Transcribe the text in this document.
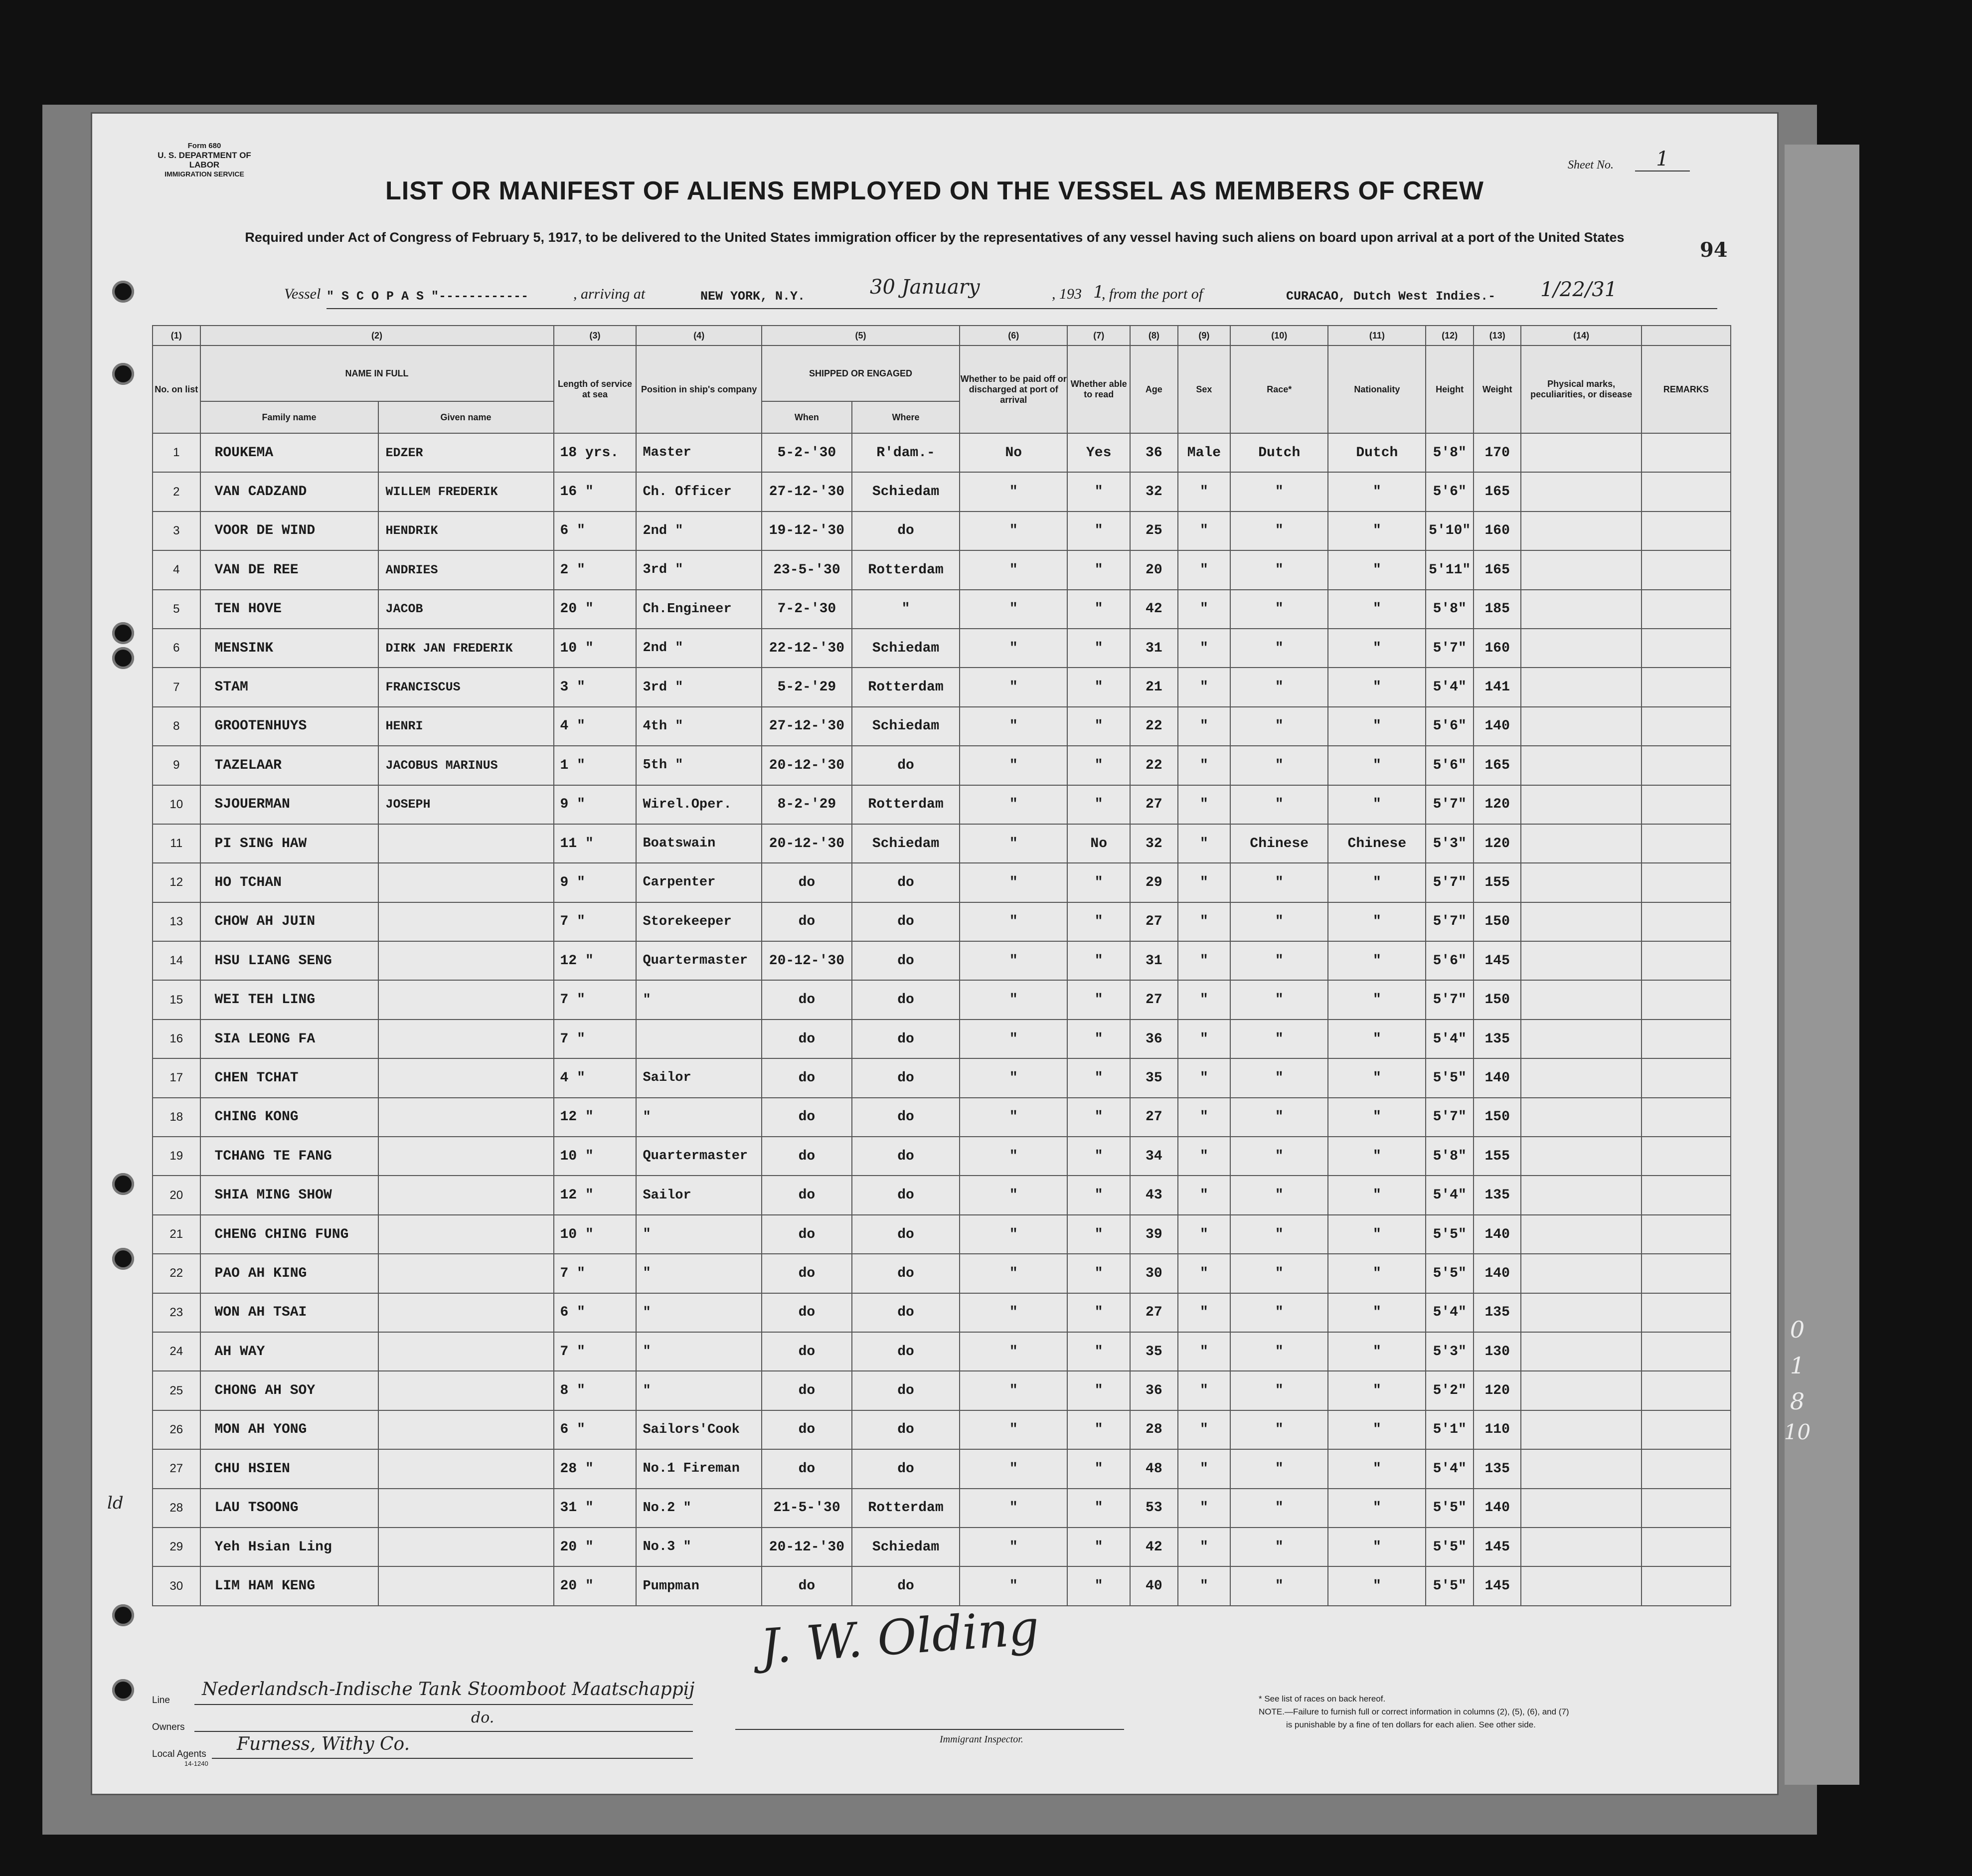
Form 680
U. S. DEPARTMENT OF LABOR
IMMIGRATION SERVICE
Sheet No.	1
LIST OR MANIFEST OF ALIENS EMPLOYED ON THE VESSEL AS MEMBERS OF CREW
Required under Act of Congress of February 5, 1917, to be delivered to the United States immigration officer by the representatives of any vessel having such aliens on board upon arrival at a port of the United States
94
Vessel " S C O P A S "------------	, arriving at	NEW YORK, N.Y.	30 January	, 193 1
, from the port of	CURACAO, Dutch West Indies.- 1/22/31
(1)	(2)		(3)	(4)	(5)		(6)	(7)	(8)	(9)	(10)	(11)	(12)	(13)	(14)	
No. on list	NAME IN FULL		Length of service at sea	Position in ship's company	SHIPPED OR ENGAGED		Whether to be paid off or discharged at port of arrival	Whether able to read	Age	Sex	Race*	Nationality	Height	Weight	Physical marks, peculiarities, or disease	REMARKS
	Family name	Given name			When	Where										
1	ROUKEMA	EDZER	18 yrs.	Master	5-2-'30	R'dam.-	No	Yes	36	Male	Dutch	Dutch	5'8"	170		
2	VAN CADZAND	WILLEM FREDERIK	16 "	Ch. Officer	27-12-'30	Schiedam	"	"	32	"	"	"	5'6"	165		
3	VOOR DE WIND	HENDRIK	6 "	2nd "	19-12-'30	do	"	"	25	"	"	"	5'10"	160		
4	VAN DE REE	ANDRIES	2 "	3rd "	23-5-'30	Rotterdam	"	"	20	"	"	"	5'11"	165		
5	TEN HOVE	JACOB	20 "	Ch.Engineer	7-2-'30	"	"	"	42	"	"	"	5'8"	185		
6	MENSINK	DIRK JAN FREDERIK	10 "	2nd "	22-12-'30	Schiedam	"	"	31	"	"	"	5'7"	160		
7	STAM	FRANCISCUS	3 "	3rd "	5-2-'29	Rotterdam	"	"	21	"	"	"	5'4"	141		
8	GROOTENHUYS	HENRI	4 "	4th "	27-12-'30	Schiedam	"	"	22	"	"	"	5'6"	140		
9	TAZELAAR	JACOBUS MARINUS	1 "	5th "	20-12-'30	do	"	"	22	"	"	"	5'6"	165		
10	SJOUERMAN	JOSEPH	9 "	Wirel.Oper.	8-2-'29	Rotterdam	"	"	27	"	"	"	5'7"	120		
11	PI SING HAW		11 "	Boatswain	20-12-'30	Schiedam	"	No	32	"	Chinese	Chinese	5'3"	120		
12	HO TCHAN		9 "	Carpenter	do	do	"	"	29	"	"	"	5'7"	155		
13	CHOW AH JUIN		7 "	Storekeeper	do	do	"	"	27	"	"	"	5'7"	150		
14	HSU LIANG SENG		12 "	Quartermaster	20-12-'30	do	"	"	31	"	"	"	5'6"	145		
15	WEI TEH LING		7 "	"	do	do	"	"	27	"	"	"	5'7"	150		
16	SIA LEONG FA		7 "		do	do	"	"	36	"	"	"	5'4"	135		
17	CHEN TCHAT		4 "	Sailor	do	do	"	"	35	"	"	"	5'5"	140		
18	CHING KONG		12 "	"	do	do	"	"	27	"	"	"	5'7"	150		
19	TCHANG TE FANG		10 "	Quartermaster	do	do	"	"	34	"	"	"	5'8"	155		
20	SHIA MING SHOW		12 "	Sailor	do	do	"	"	43	"	"	"	5'4"	135		
21	CHENG CHING FUNG		10 "	"	do	do	"	"	39	"	"	"	5'5"	140		
22	PAO AH KING		7 "	"	do	do	"	"	30	"	"	"	5'5"	140		
23	WON AH TSAI		6 "	"	do	do	"	"	27	"	"	"	5'4"	135		
24	AH WAY		7 "	"	do	do	"	"	35	"	"	"	5'3"	130		
25	CHONG AH SOY		8 "	"	do	do	"	"	36	"	"	"	5'2"	120		
26	MON AH YONG		6 "	Sailors'Cook	do	do	"	"	28	"	"	"	5'1"	110		
27	CHU HSIEN		28 "	No.1 Fireman	do	do	"	"	48	"	"	"	5'4"	135		
28	LAU TSOONG		31 "	No.2 "	21-5-'30	Rotterdam	"	"	53	"	"	"	5'5"	140		
29	Yeh Hsian Ling		20 "	No.3 "	20-12-'30	Schiedam	"	"	42	"	"	"	5'5"	145		
30	LIM HAM KENG		20 "	Pumpman	do	do	"	"	40	"	"	"	5'5"	145		
Line
Nederlandsch-Indische Tank Stoomboot Maatschappij
Owners
do.
Local Agents Furness, Withy Co.
14-1240
J. W. Olding
Immigrant Inspector.
* See list of races on back hereof.
NOTE.—Failure to furnish full or correct information in columns (2), (5), (6), and (7)
is punishable by a fine of ten dollars for each alien. See other side.
ld
0
1
8
10
